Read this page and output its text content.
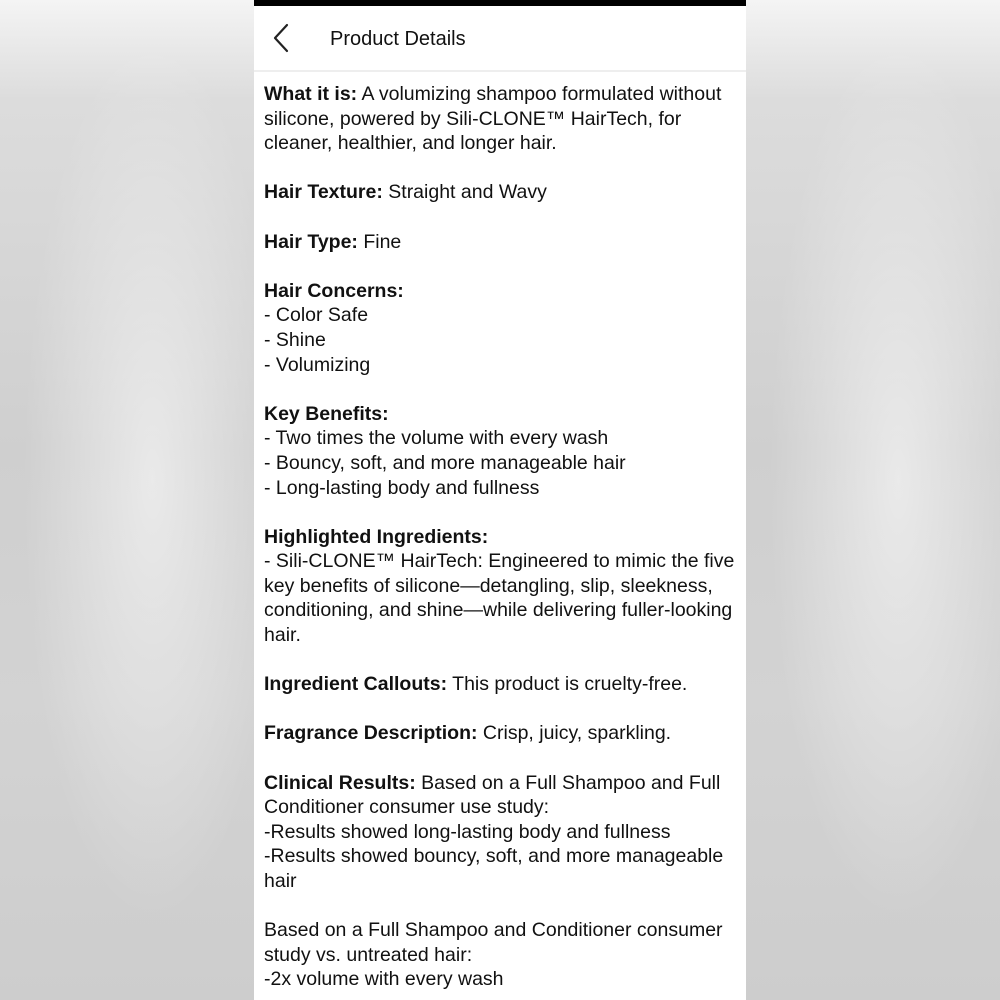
Product Details
What it is: A volumizing shampoo formulated without silicone, powered by Sili-CLONE™ HairTech, for cleaner, healthier, and longer hair.
Hair Texture: Straight and Wavy
Hair Type: Fine
Hair Concerns:
- Color Safe
- Shine
- Volumizing
Key Benefits:
- Two times the volume with every wash
- Bouncy, soft, and more manageable hair
- Long-lasting body and fullness
Highlighted Ingredients:
- Sili-CLONE™ HairTech: Engineered to mimic the five key benefits of silicone—detangling, slip, sleekness, conditioning, and shine—while delivering fuller-looking hair.
Ingredient Callouts: This product is cruelty-free.
Fragrance Description: Crisp, juicy, sparkling.
Clinical Results: Based on a Full Shampoo and Full Conditioner consumer use study:
-Results showed long-lasting body and fullness
-Results showed bouncy, soft, and more manageable hair
Based on a Full Shampoo and Conditioner consumer study vs. untreated hair:
-2x volume with every wash
